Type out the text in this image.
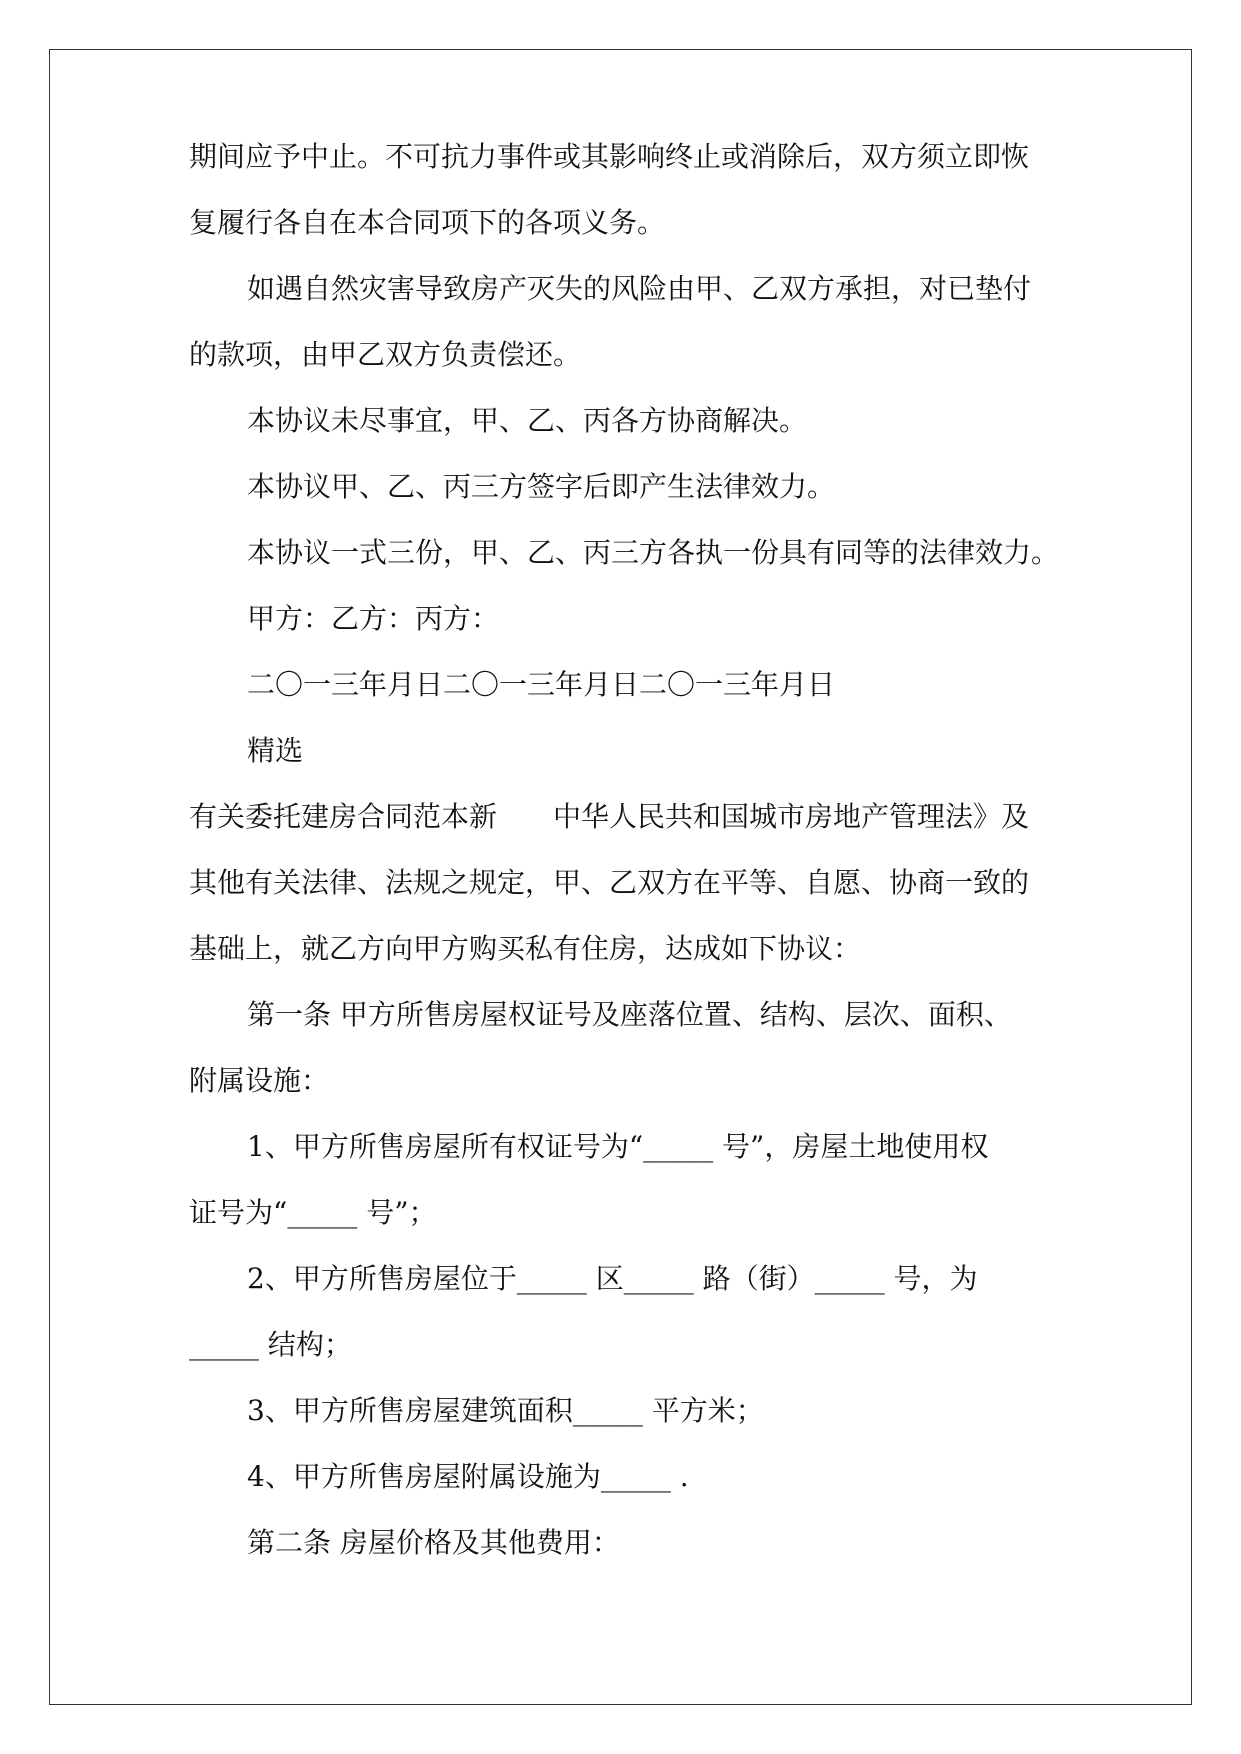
期间应予中止。不可抗力事件或其影响终止或消除后，双方须立即恢
复履行各自在本合同项下的各项义务。
如遇自然灾害导致房产灭失的风险由甲、乙双方承担，对已垫付
的款项，由甲乙双方负责偿还。
本协议未尽事宜，甲、乙、丙各方协商解决。
本协议甲、乙、丙三方签字后即产生法律效力。
本协议一式三份，甲、乙、丙三方各执一份具有同等的法律效力。
甲方：乙方：丙方：
二〇一三年月日二〇一三年月日二〇一三年月日
精选
有关委托建房合同范本新　　中华人民共和国城市房地产管理法》及
其他有关法律、法规之规定，甲、乙双方在平等、自愿、协商一致的
基础上，就乙方向甲方购买私有住房，达成如下协议：
第一条 甲方所售房屋权证号及座落位置、结构、层次、面积、
附属设施：
1、甲方所售房屋所有权证号为“_____ 号”，房屋土地使用权
证号为“_____ 号”；
2、甲方所售房屋位于_____ 区_____ 路（街）_____ 号，为
_____ 结构；
3、甲方所售房屋建筑面积_____ 平方米；
4、甲方所售房屋附属设施为_____ .
第二条 房屋价格及其他费用：
